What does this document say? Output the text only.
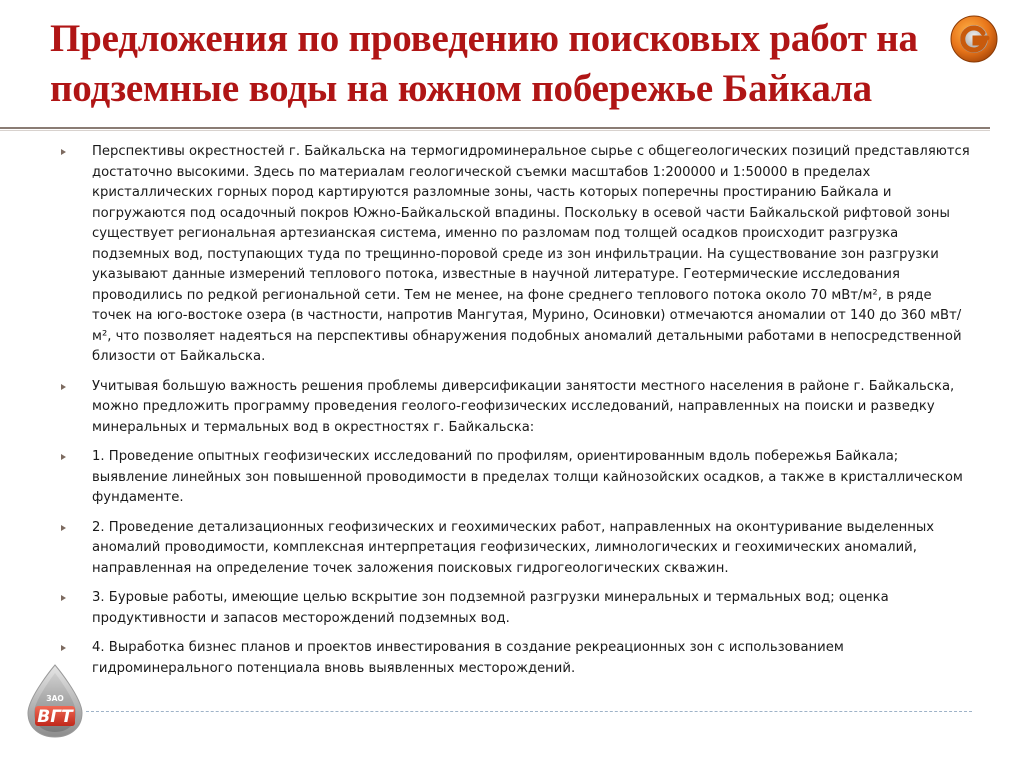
Предложения по проведению поисковых работ на подземные воды на южном побережье Байкала
Перспективы окрестностей г. Байкальска на термогидроминеральное сырье с общегеологических позиций представляются достаточно высокими. Здесь по материалам геологической съемки масштабов 1:200000 и 1:50000 в пределах кристаллических горных пород картируются разломные зоны, часть которых поперечны простиранию Байкала и погружаются под осадочный покров Южно-Байкальской впадины. Поскольку в осевой части Байкальской рифтовой зоны существует региональная артезианская система, именно по разломам под толщей осадков происходит разгрузка подземных вод, поступающих туда по трещинно-поровой среде из зон инфильтрации. На существование зон разгрузки указывают данные измерений теплового потока, известные в научной литературе. Геотермические исследования проводились по редкой региональной сети. Тем не менее, на фоне среднего теплового потока около 70 мВт/м², в ряде точек на юго-востоке озера (в частности, напротив Мангутая, Мурино, Осиновки) отмечаются аномалии от 140 до 360 мВт/м², что позволяет надеяться на перспективы обнаружения подобных аномалий детальными работами в непосредственной близости от Байкальска.
Учитывая большую важность решения проблемы диверсификации занятости местного населения в районе г. Байкальска, можно предложить программу проведения геолого-геофизических исследований, направленных на поиски и разведку минеральных и термальных вод в окрестностях г. Байкальска:
1. Проведение опытных геофизических исследований по профилям, ориентированным вдоль побережья Байкала; выявление линейных зон повышенной проводимости в пределах толщи кайнозойских осадков, а также в кристаллическом фундаменте.
2. Проведение детализационных геофизических и геохимических работ, направленных на оконтуривание выделенных аномалий проводимости, комплексная интерпретация геофизических, лимнологических и геохимических аномалий, направленная на определение точек заложения поисковых гидрогеологических скважин.
3. Буровые работы, имеющие целью вскрытие зон подземной разгрузки минеральных и термальных вод; оценка продуктивности и запасов месторождений подземных вод.
4. Выработка бизнес планов и проектов инвестирования в создание рекреационных зон с использованием гидроминерального потенциала вновь выявленных месторождений.
ЗАО
ВГТ
